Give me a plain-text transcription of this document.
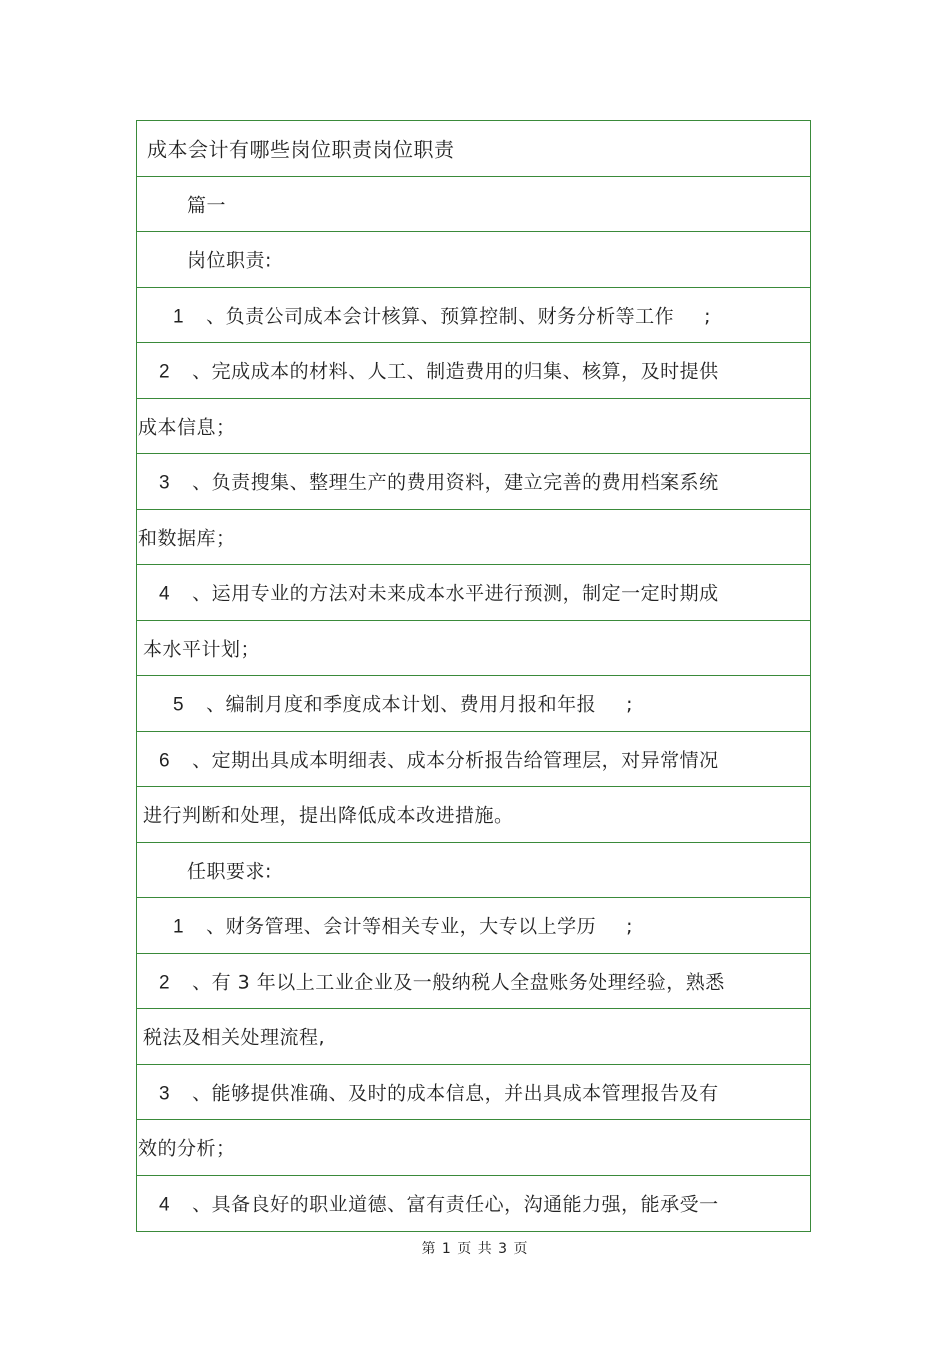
成本会计有哪些岗位职责岗位职责
篇一
岗位职责:
1 、负责公司成本会计核算、预算控制、财务分析等工作 ;
2 、完成成本的材料、人工、制造费用的归集、核算，及时提供
成本信息；
3 、负责搜集、整理生产的费用资料，建立完善的费用档案系统
和数据库；
4 、运用专业的方法对未来成本水平进行预测，制定一定时期成
本水平计划；
5 、编制月度和季度成本计划、费用月报和年报 ;
6 、定期出具成本明细表、成本分析报告给管理层，对异常情况
进行判断和处理，提出降低成本改进措施。
任职要求:
1 、财务管理、会计等相关专业，大专以上学历 ;
2 、有 3 年以上工业企业及一般纳税人全盘账务处理经验，熟悉
税法及相关处理流程,
3 、能够提供准确、及时的成本信息，并出具成本管理报告及有
效的分析；
4 、具备良好的职业道德、富有责任心，沟通能力强，能承受一
第 1 页 共 3 页
